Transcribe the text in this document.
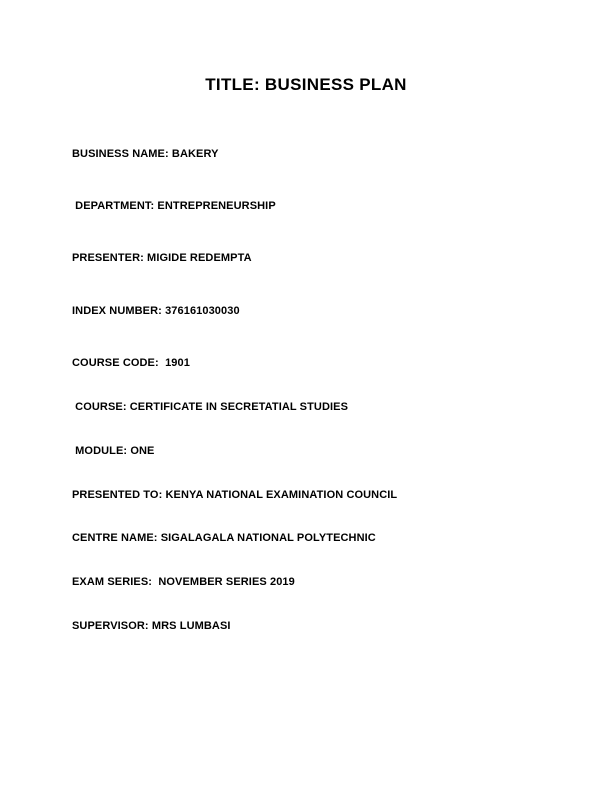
TITLE: BUSINESS PLAN
BUSINESS NAME: BAKERY
DEPARTMENT: ENTREPRENEURSHIP
PRESENTER: MIGIDE REDEMPTA
INDEX NUMBER: 376161030030
COURSE CODE:  1901
COURSE: CERTIFICATE IN SECRETATIAL STUDIES
MODULE: ONE
PRESENTED TO: KENYA NATIONAL EXAMINATION COUNCIL
CENTRE NAME: SIGALAGALA NATIONAL POLYTECHNIC
EXAM SERIES:  NOVEMBER SERIES 2019
SUPERVISOR: MRS LUMBASI
